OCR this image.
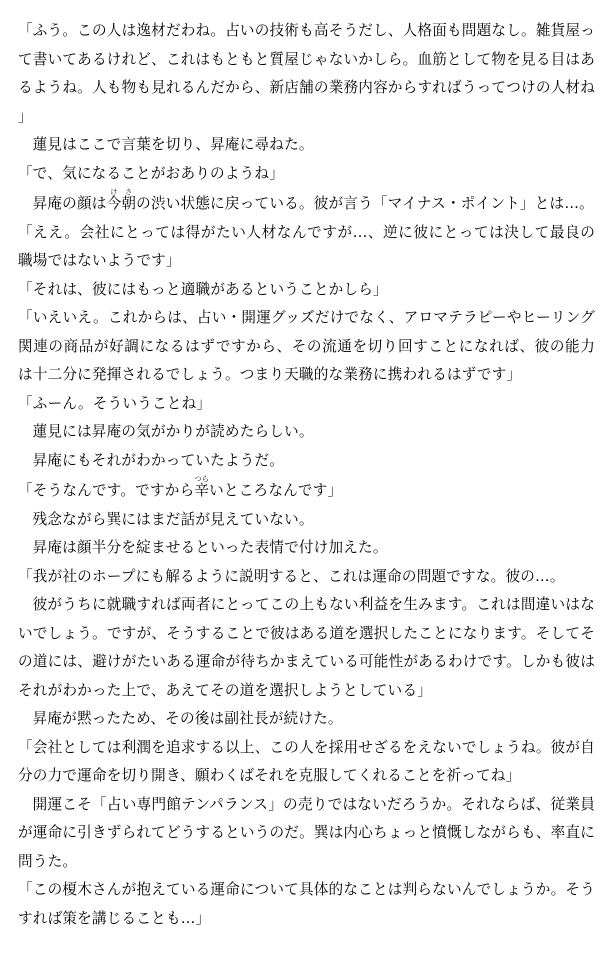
「ふう。この人は逸材だわね。占いの技術も高そうだし、人格面も問題なし。雑貨屋って書いてあるけれど、これはもともと質屋じゃないかしら。血筋として物を見る目はあるようね。人も物も見れるんだから、新店舗の業務内容からすればうってつけの人材ね」

蓮見はここで言葉を切り、昇庵に尋ねた。

「で、気になることがおありのようね」

昇庵の顔は今朝けさの渋い状態に戻っている。彼が言う「マイナス・ポイント」とは…。

「ええ。会社にとっては得がたい人材なんですが…、逆に彼にとっては決して最良の職場ではないようです」

「それは、彼にはもっと適職があるということかしら」

「いえいえ。これからは、占い・開運グッズだけでなく、アロマテラピーやヒーリング関連の商品が好調になるはずですから、その流通を切り回すことになれば、彼の能力は十二分に発揮されるでしょう。つまり天職的な業務に携われるはずです」

「ふーん。そういうことね」

蓮見には昇庵の気がかりが読めたらしい。

昇庵にもそれがわかっていたようだ。

「そうなんです。ですから辛つらいところなんです」

残念ながら巽にはまだ話が見えていない。

昇庵は顔半分を綻ませるといった表情で付け加えた。

「我が社のホープにも解るように説明すると、これは運命の問題ですな。彼の…。

彼がうちに就職すれば両者にとってこの上もない利益を生みます。これは間違いはないでしょう。ですが、そうすることで彼はある道を選択したことになります。そしてその道には、避けがたいある運命が待ちかまえている可能性があるわけです。しかも彼はそれがわかった上で、あえてその道を選択しようとしている」

昇庵が黙ったため、その後は副社長が続けた。

「会社としては利潤を追求する以上、この人を採用せざるをえないでしょうね。彼が自分の力で運命を切り開き、願わくばそれを克服してくれることを祈ってね」

開運こそ「占い専門館テンパランス」の売りではないだろうか。それならば、従業員が運命に引きずられてどうするというのだ。巽は内心ちょっと憤慨しながらも、率直に問うた。

「この榎木さんが抱えている運命について具体的なことは判らないんでしょうか。そうすれば策を講じることも…」
